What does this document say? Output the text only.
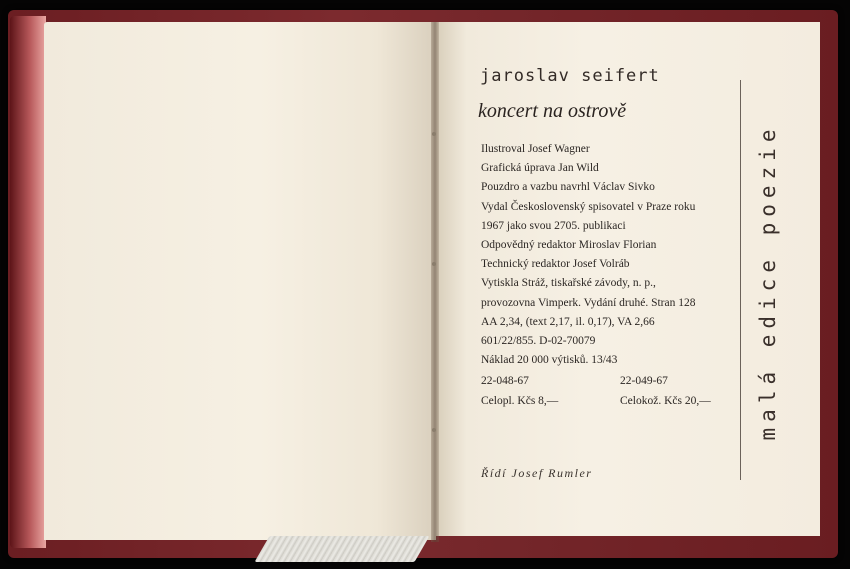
jaroslav seifert
koncert na ostrově
Ilustroval Josef Wagner
Grafická úprava Jan Wild
Pouzdro a vazbu navrhl Václav Sivko
Vydal Československý spisovatel v Praze roku
1967 jako svou 2705. publikaci
Odpovědný redaktor Miroslav Florian
Technický redaktor Josef Volráb
Vytiskla Stráž, tiskařské závody, n. p.,
provozovna Vimperk. Vydání druhé. Stran 128
AA 2,34, (text 2,17, il. 0,17), VA 2,66
601/22/855. D-02-70079
Náklad 20 000 výtisků. 13/43
22-048-67
Celopl. Kčs 8,—
22-049-67
Celokož. Kčs 20,—
Řídí Josef Rumler
malá edice poezie
